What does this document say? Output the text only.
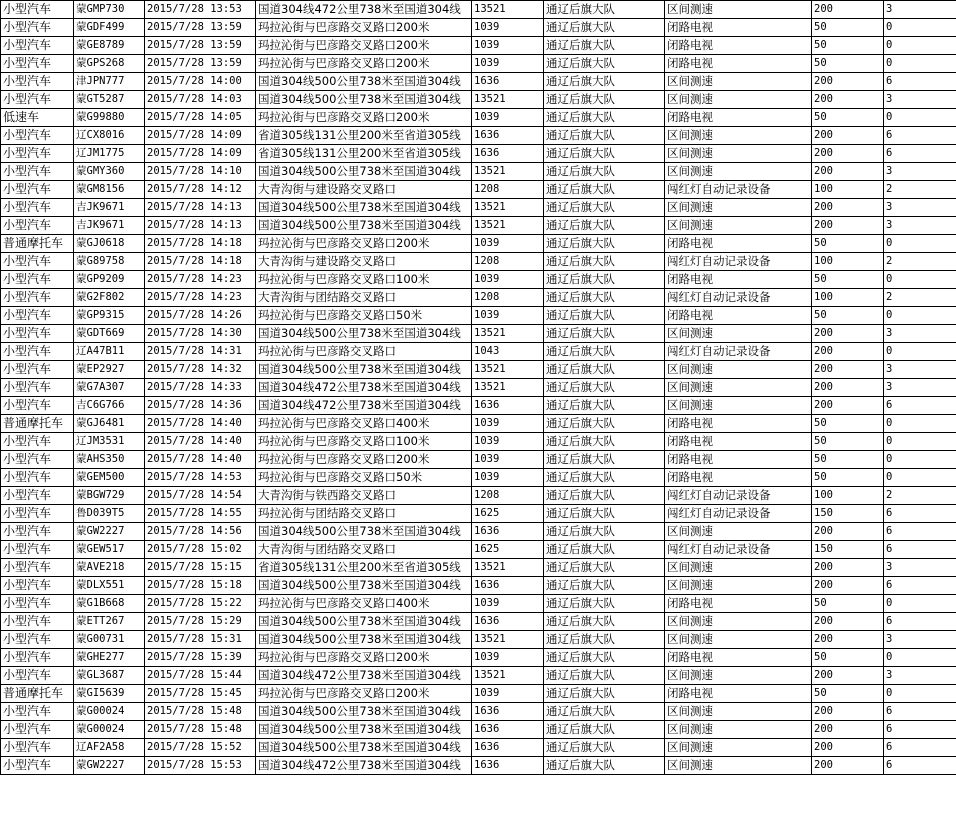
小型汽车	蒙GMP730	2015/7/28 13:53	国道304线472公里738米至国道304线	13521	通辽后旗大队	区间测速	200	3
小型汽车	蒙GDF499	2015/7/28 13:59	玛拉沁街与巴彦路交叉路口200米	1039	通辽后旗大队	闭路电视	50	0
小型汽车	蒙GE8789	2015/7/28 13:59	玛拉沁街与巴彦路交叉路口200米	1039	通辽后旗大队	闭路电视	50	0
小型汽车	蒙GPS268	2015/7/28 13:59	玛拉沁街与巴彦路交叉路口200米	1039	通辽后旗大队	闭路电视	50	0
小型汽车	津JPN777	2015/7/28 14:00	国道304线500公里738米至国道304线	1636	通辽后旗大队	区间测速	200	6
小型汽车	蒙GT5287	2015/7/28 14:03	国道304线500公里738米至国道304线	13521	通辽后旗大队	区间测速	200	3
低速车	蒙G99880	2015/7/28 14:05	玛拉沁街与巴彦路交叉路口200米	1039	通辽后旗大队	闭路电视	50	0
小型汽车	辽CX8016	2015/7/28 14:09	省道305线131公里200米至省道305线	1636	通辽后旗大队	区间测速	200	6
小型汽车	辽JM1775	2015/7/28 14:09	省道305线131公里200米至省道305线	1636	通辽后旗大队	区间测速	200	6
小型汽车	蒙GMY360	2015/7/28 14:10	国道304线500公里738米至国道304线	13521	通辽后旗大队	区间测速	200	3
小型汽车	蒙GM8156	2015/7/28 14:12	大青沟街与建设路交叉路口	1208	通辽后旗大队	闯红灯自动记录设备	100	2
小型汽车	吉JK9671	2015/7/28 14:13	国道304线500公里738米至国道304线	13521	通辽后旗大队	区间测速	200	3
小型汽车	吉JK9671	2015/7/28 14:13	国道304线500公里738米至国道304线	13521	通辽后旗大队	区间测速	200	3
普通摩托车	蒙GJ0618	2015/7/28 14:18	玛拉沁街与巴彦路交叉路口200米	1039	通辽后旗大队	闭路电视	50	0
小型汽车	蒙G89758	2015/7/28 14:18	大青沟街与建设路交叉路口	1208	通辽后旗大队	闯红灯自动记录设备	100	2
小型汽车	蒙GP9209	2015/7/28 14:23	玛拉沁街与巴彦路交叉路口100米	1039	通辽后旗大队	闭路电视	50	0
小型汽车	蒙G2F802	2015/7/28 14:23	大青沟街与团结路交叉路口	1208	通辽后旗大队	闯红灯自动记录设备	100	2
小型汽车	蒙GP9315	2015/7/28 14:26	玛拉沁街与巴彦路交叉路口50米	1039	通辽后旗大队	闭路电视	50	0
小型汽车	蒙GDT669	2015/7/28 14:30	国道304线500公里738米至国道304线	13521	通辽后旗大队	区间测速	200	3
小型汽车	辽A47B11	2015/7/28 14:31	玛拉沁街与巴彦路交叉路口	1043	通辽后旗大队	闯红灯自动记录设备	200	0
小型汽车	蒙EP2927	2015/7/28 14:32	国道304线500公里738米至国道304线	13521	通辽后旗大队	区间测速	200	3
小型汽车	蒙G7A307	2015/7/28 14:33	国道304线472公里738米至国道304线	13521	通辽后旗大队	区间测速	200	3
小型汽车	吉C6G766	2015/7/28 14:36	国道304线472公里738米至国道304线	1636	通辽后旗大队	区间测速	200	6
普通摩托车	蒙GJ6481	2015/7/28 14:40	玛拉沁街与巴彦路交叉路口400米	1039	通辽后旗大队	闭路电视	50	0
小型汽车	辽JM3531	2015/7/28 14:40	玛拉沁街与巴彦路交叉路口100米	1039	通辽后旗大队	闭路电视	50	0
小型汽车	蒙AHS350	2015/7/28 14:40	玛拉沁街与巴彦路交叉路口200米	1039	通辽后旗大队	闭路电视	50	0
小型汽车	蒙GEM500	2015/7/28 14:53	玛拉沁街与巴彦路交叉路口50米	1039	通辽后旗大队	闭路电视	50	0
小型汽车	蒙BGW729	2015/7/28 14:54	大青沟街与铁西路交叉路口	1208	通辽后旗大队	闯红灯自动记录设备	100	2
小型汽车	鲁D039T5	2015/7/28 14:55	玛拉沁街与团结路交叉路口	1625	通辽后旗大队	闯红灯自动记录设备	150	6
小型汽车	蒙GW2227	2015/7/28 14:56	国道304线500公里738米至国道304线	1636	通辽后旗大队	区间测速	200	6
小型汽车	蒙GEW517	2015/7/28 15:02	大青沟街与团结路交叉路口	1625	通辽后旗大队	闯红灯自动记录设备	150	6
小型汽车	蒙AVE218	2015/7/28 15:15	省道305线131公里200米至省道305线	13521	通辽后旗大队	区间测速	200	3
小型汽车	蒙DLX551	2015/7/28 15:18	国道304线500公里738米至国道304线	1636	通辽后旗大队	区间测速	200	6
小型汽车	蒙G1B668	2015/7/28 15:22	玛拉沁街与巴彦路交叉路口400米	1039	通辽后旗大队	闭路电视	50	0
小型汽车	蒙ETT267	2015/7/28 15:29	国道304线500公里738米至国道304线	1636	通辽后旗大队	区间测速	200	6
小型汽车	蒙G00731	2015/7/28 15:31	国道304线500公里738米至国道304线	13521	通辽后旗大队	区间测速	200	3
小型汽车	蒙GHE277	2015/7/28 15:39	玛拉沁街与巴彦路交叉路口200米	1039	通辽后旗大队	闭路电视	50	0
小型汽车	蒙GL3687	2015/7/28 15:44	国道304线472公里738米至国道304线	13521	通辽后旗大队	区间测速	200	3
普通摩托车	蒙GI5639	2015/7/28 15:45	玛拉沁街与巴彦路交叉路口200米	1039	通辽后旗大队	闭路电视	50	0
小型汽车	蒙G00024	2015/7/28 15:48	国道304线500公里738米至国道304线	1636	通辽后旗大队	区间测速	200	6
小型汽车	蒙G00024	2015/7/28 15:48	国道304线500公里738米至国道304线	1636	通辽后旗大队	区间测速	200	6
小型汽车	辽AF2A58	2015/7/28 15:52	国道304线500公里738米至国道304线	1636	通辽后旗大队	区间测速	200	6
小型汽车	蒙GW2227	2015/7/28 15:53	国道304线472公里738米至国道304线	1636	通辽后旗大队	区间测速	200	6
